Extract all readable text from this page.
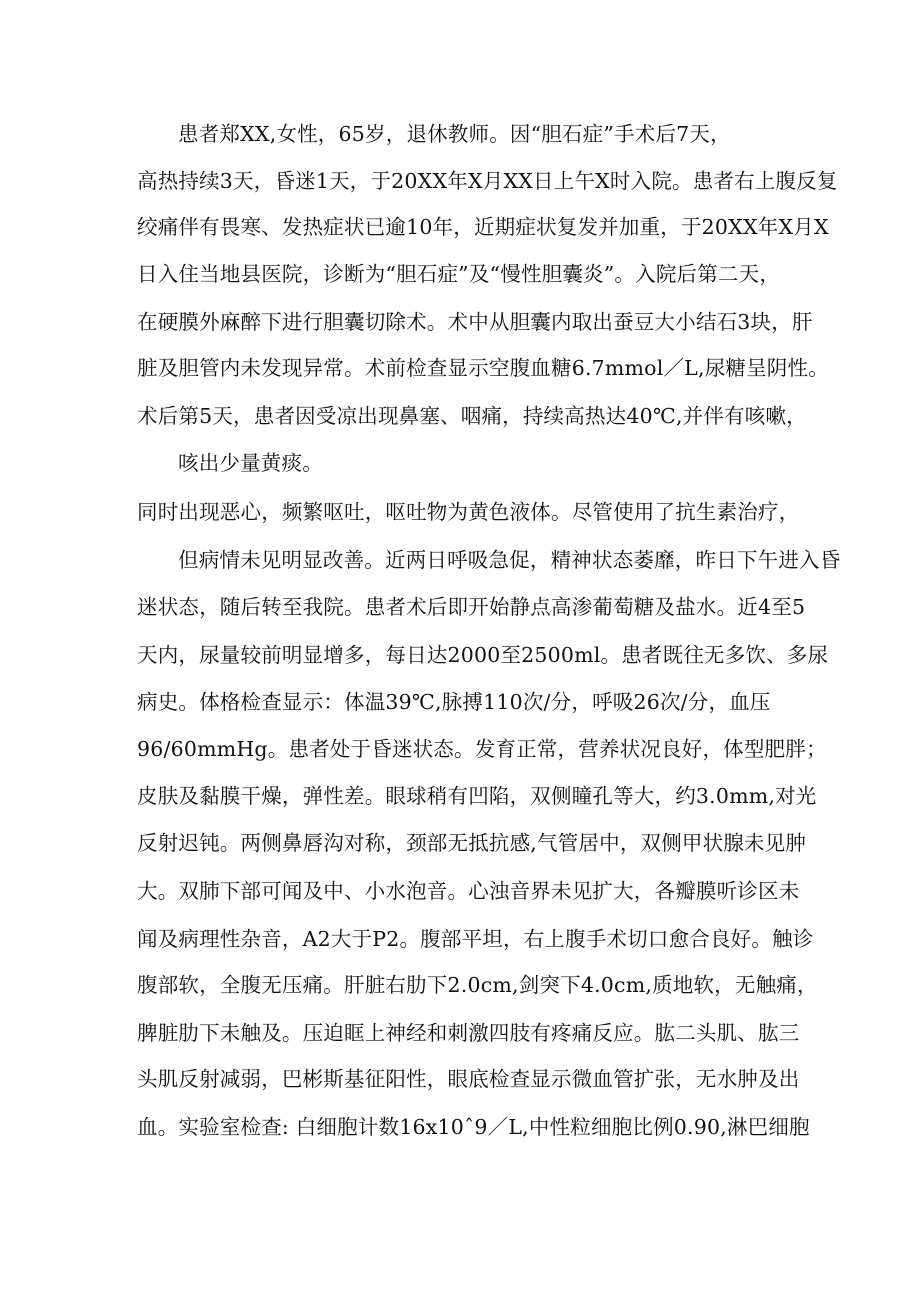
患者郑XX,女性，65岁，退休教师。因“胆石症”手术后7天，
高热持续3天，昏迷1天，于20XX年X月XX日上午X时入院。患者右上腹反复
绞痛伴有畏寒、发热症状已逾10年，近期症状复发并加重，于20XX年X月X
日入住当地县医院，诊断为“胆石症”及“慢性胆囊炎”。入院后第二天，
在硬膜外麻醉下进行胆囊切除术。术中从胆囊内取出蚕豆大小结石3块，肝
脏及胆管内未发现异常。术前检查显示空腹血糖6.7mmol／L,尿糖呈阴性。
术后第5天，患者因受凉出现鼻塞、咽痛，持续高热达40℃,并伴有咳嗽，
咳出少量黄痰。
同时出现恶心，频繁呕吐，呕吐物为黄色液体。尽管使用了抗生素治疗，
但病情未见明显改善。近两日呼吸急促，精神状态萎靡，昨日下午进入昏
迷状态，随后转至我院。患者术后即开始静点高渗葡萄糖及盐水。近4至5
天内，尿量较前明显增多，每日达2000至2500ml。患者既往无多饮、多尿
病史。体格检查显示：体温39℃,脉搏110次/分，呼吸26次/分，血压
96/60mmHg。患者处于昏迷状态。发育正常，营养状况良好，体型肥胖；
皮肤及黏膜干燥，弹性差。眼球稍有凹陷，双侧瞳孔等大，约3.0mm,对光
反射迟钝。两侧鼻唇沟对称，颈部无抵抗感,气管居中，双侧甲状腺未见肿
大。双肺下部可闻及中、小水泡音。心浊音界未见扩大，各瓣膜听诊区未
闻及病理性杂音，A2大于P2。腹部平坦，右上腹手术切口愈合良好。触诊
腹部软，全腹无压痛。肝脏右肋下2.0cm,剑突下4.0cm,质地软，无触痛，
脾脏肋下未触及。压迫眶上神经和刺激四肢有疼痛反应。肱二头肌、肱三
头肌反射减弱，巴彬斯基征阳性，眼底检查显示微血管扩张，无水肿及出
血。实验室检查: 白细胞计数16x10ˆ9／L,中性粒细胞比例0.90,淋巴细胞
